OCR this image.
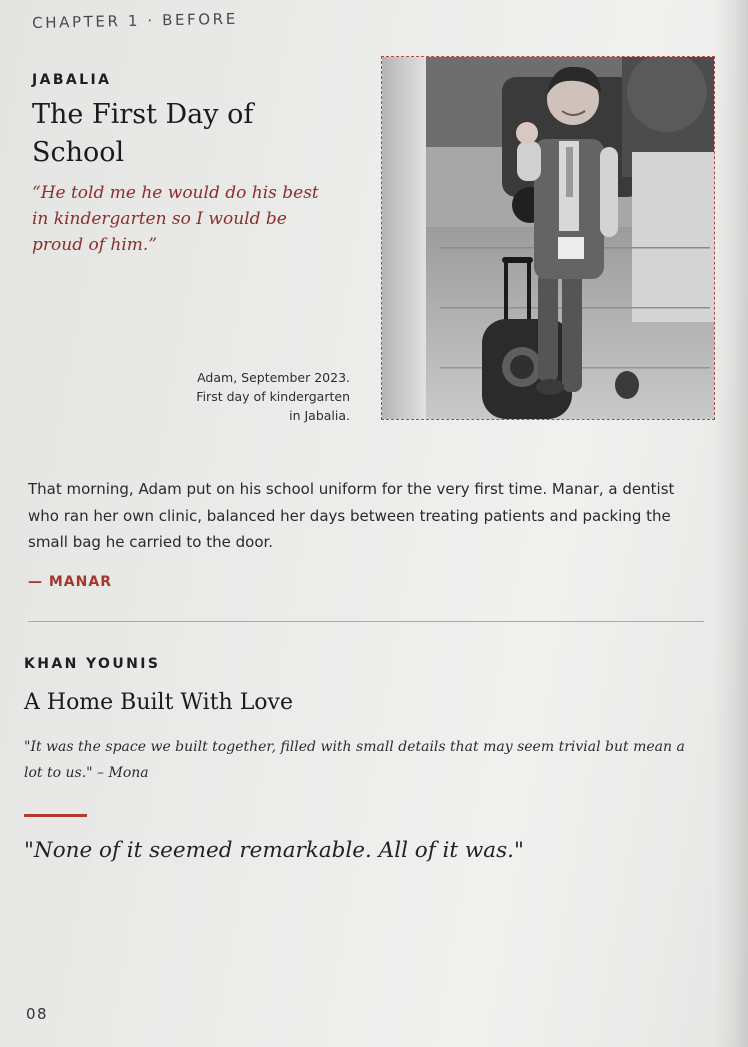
CHAPTER 1 · BEFORE
JABALIA
The First Day of School
“He told me he would do his best in kindergarten so I would be proud of him.”
Adam, September 2023.
First day of kindergarten
in Jabalia.
That morning, Adam put on his school uniform for the very first time. Manar, a dentist who ran her own clinic, balanced her days between treating patients and packing the small bag he carried to the door.
— MANAR
KHAN YOUNIS
A Home Built With Love
"It was the space we built together, filled with small details that may seem trivial but mean a lot to us." – Mona
"None of it seemed remarkable. All of it was."
08
